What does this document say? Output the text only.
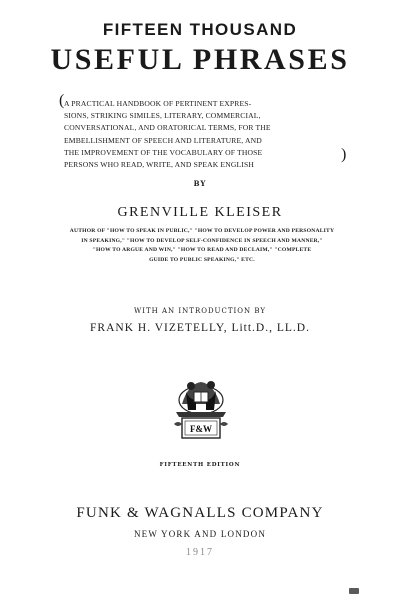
FIFTEEN THOUSAND
USEFUL PHRASES
( A PRACTICAL HANDBOOK OF PERTINENT EXPRES-
SIONS, STRIKING SIMILES, LITERARY, COMMERCIAL,
CONVERSATIONAL, AND ORATORICAL TERMS, FOR THE
EMBELLISHMENT OF SPEECH AND LITERATURE, AND
THE IMPROVEMENT OF THE VOCABULARY OF THOSE
PERSONS WHO READ, WRITE, AND SPEAK ENGLISH
)
BY
GRENVILLE KLEISER
AUTHOR OF "HOW TO SPEAK IN PUBLIC," "HOW TO DEVELOP POWER AND PERSONALITY
IN SPEAKING," "HOW TO DEVELOP SELF-CONFIDENCE IN SPEECH AND MANNER,"
"HOW TO ARGUE AND WIN," "HOW TO READ AND DECLAIM," "COMPLETE
GUIDE TO PUBLIC SPEAKING," ETC.
WITH AN INTRODUCTION BY
FRANK H. VIZETELLY, Litt.D., LL.D.
F&W
FIFTEENTH EDITION
FUNK & WAGNALLS COMPANY
NEW YORK AND LONDON
1917
